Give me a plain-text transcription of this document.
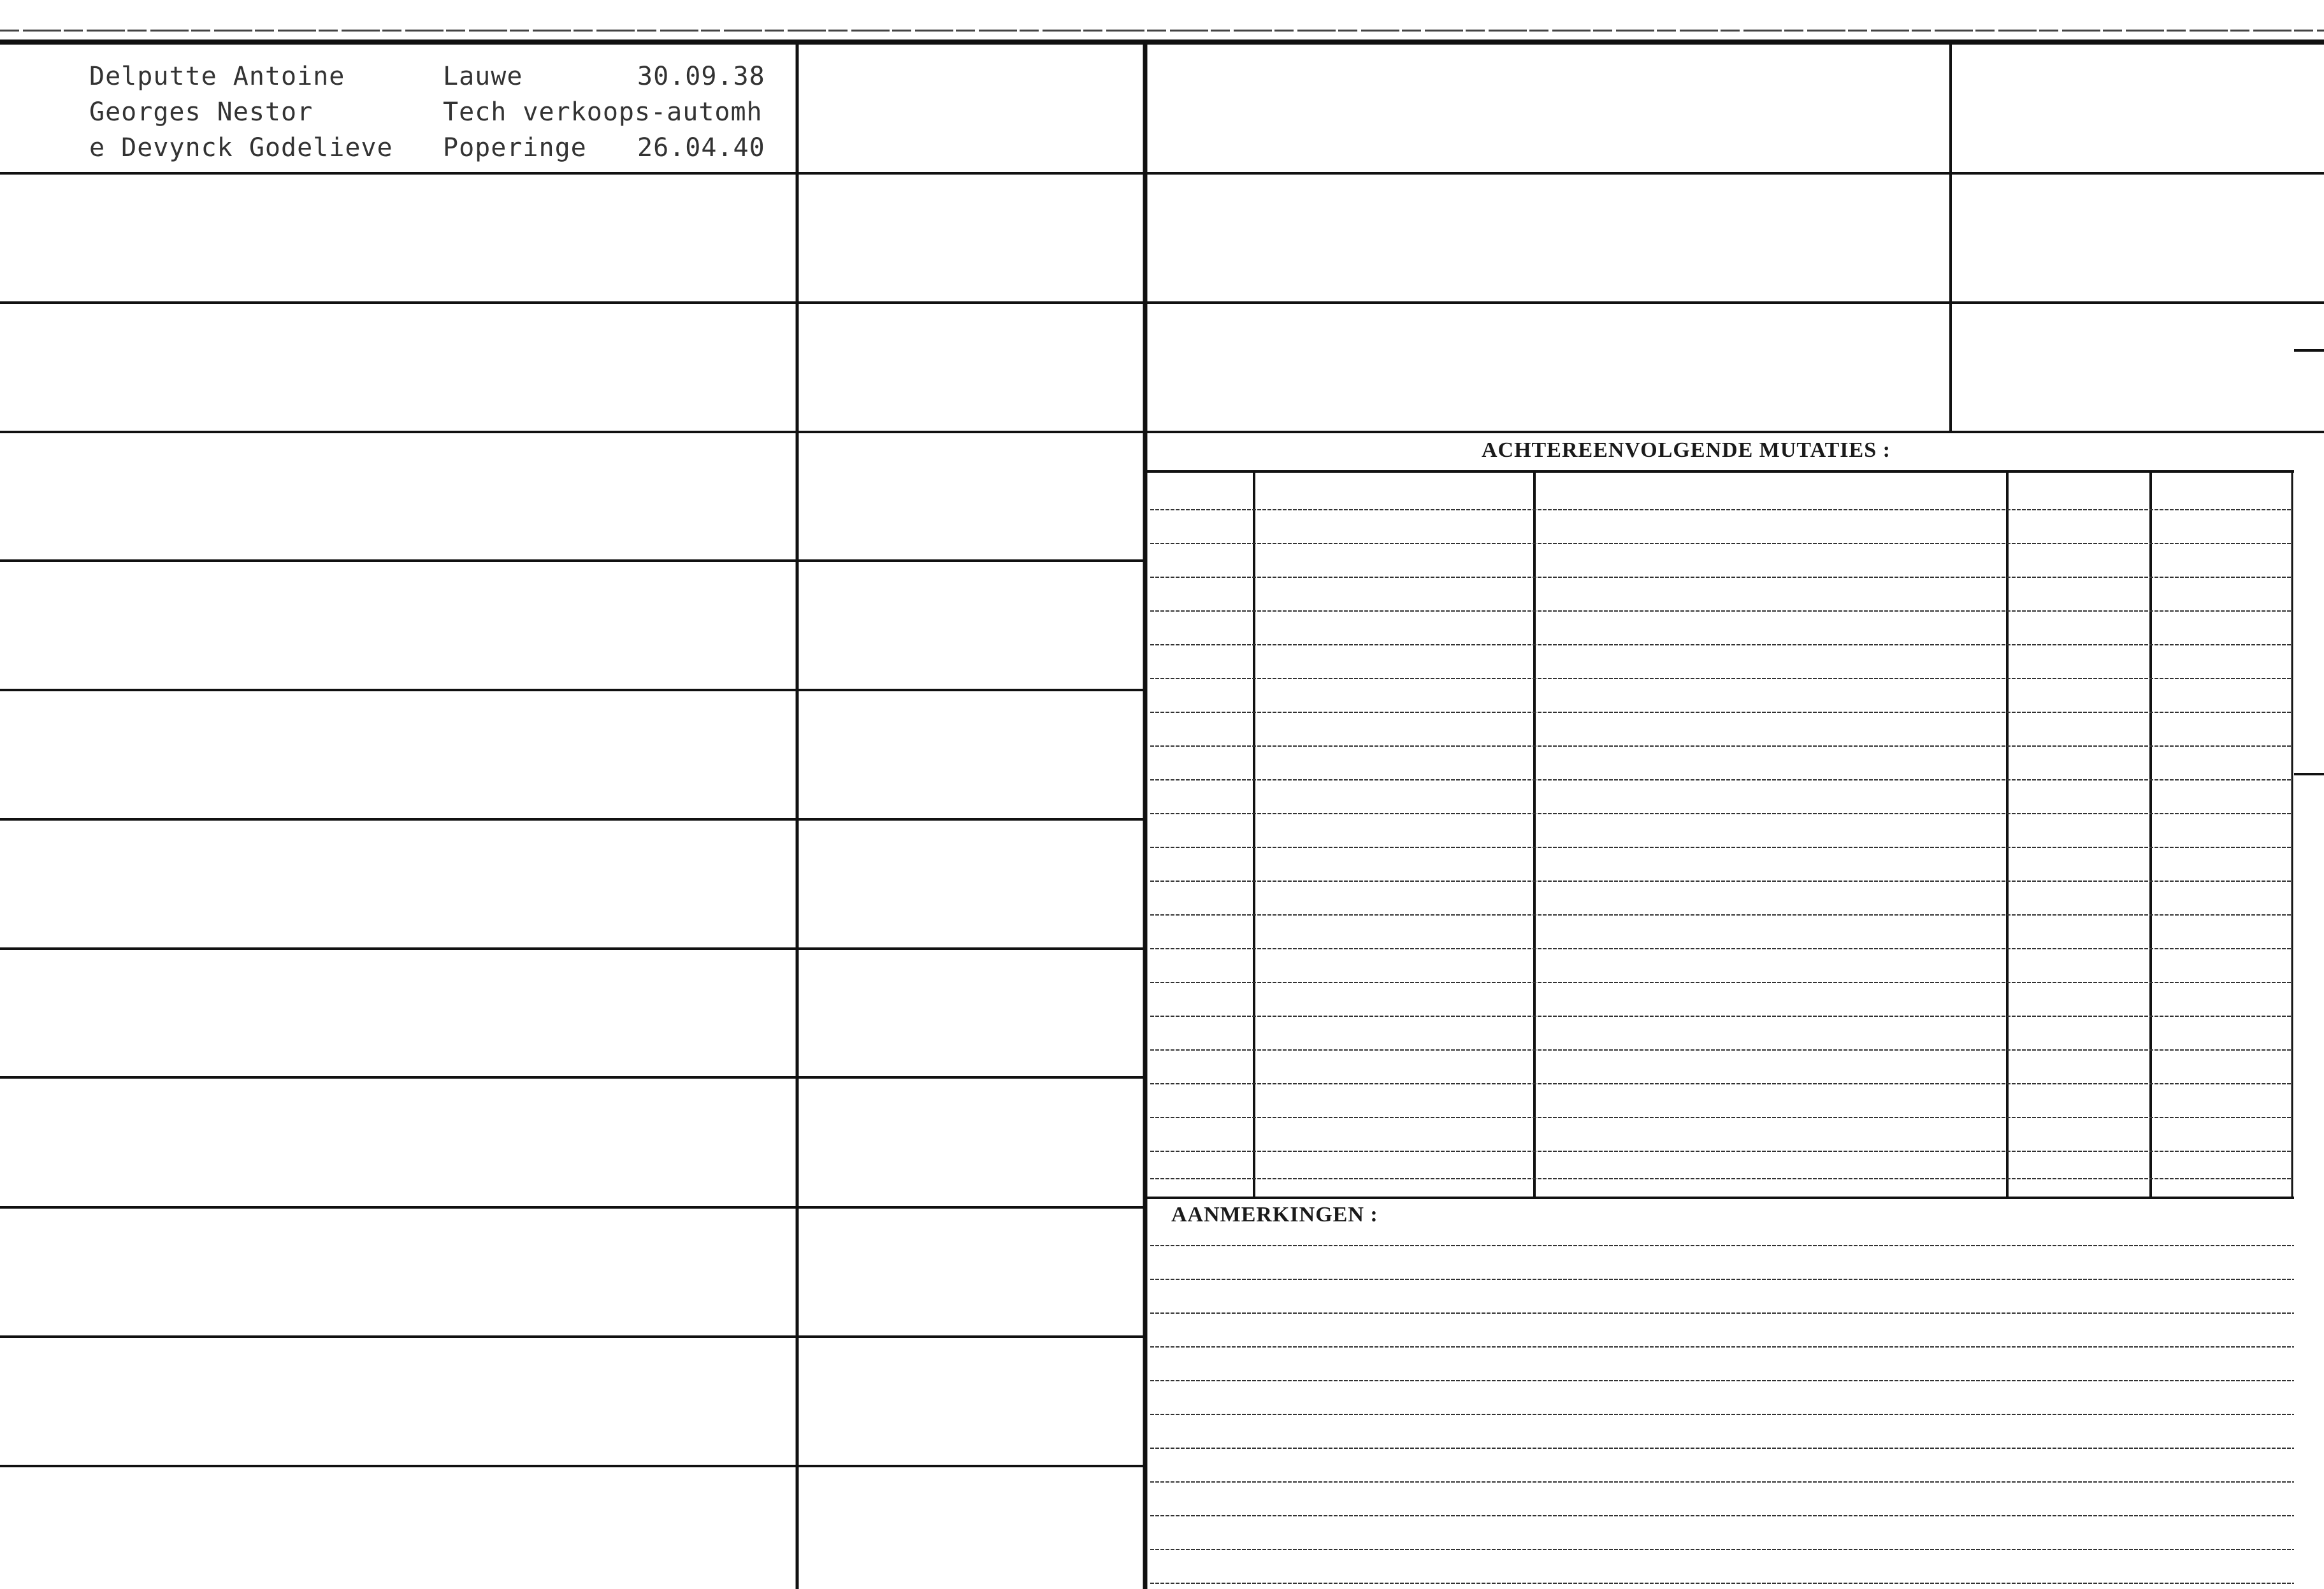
Delputte Antoine
Georges Nestor
e Devynck Godelieve
Lauwe	30.09.38
Tech verkoops-automh
Poperinge 26.04.40
ACHTEREENVOLGENDE MUTATIES :
AANMERKINGEN :
